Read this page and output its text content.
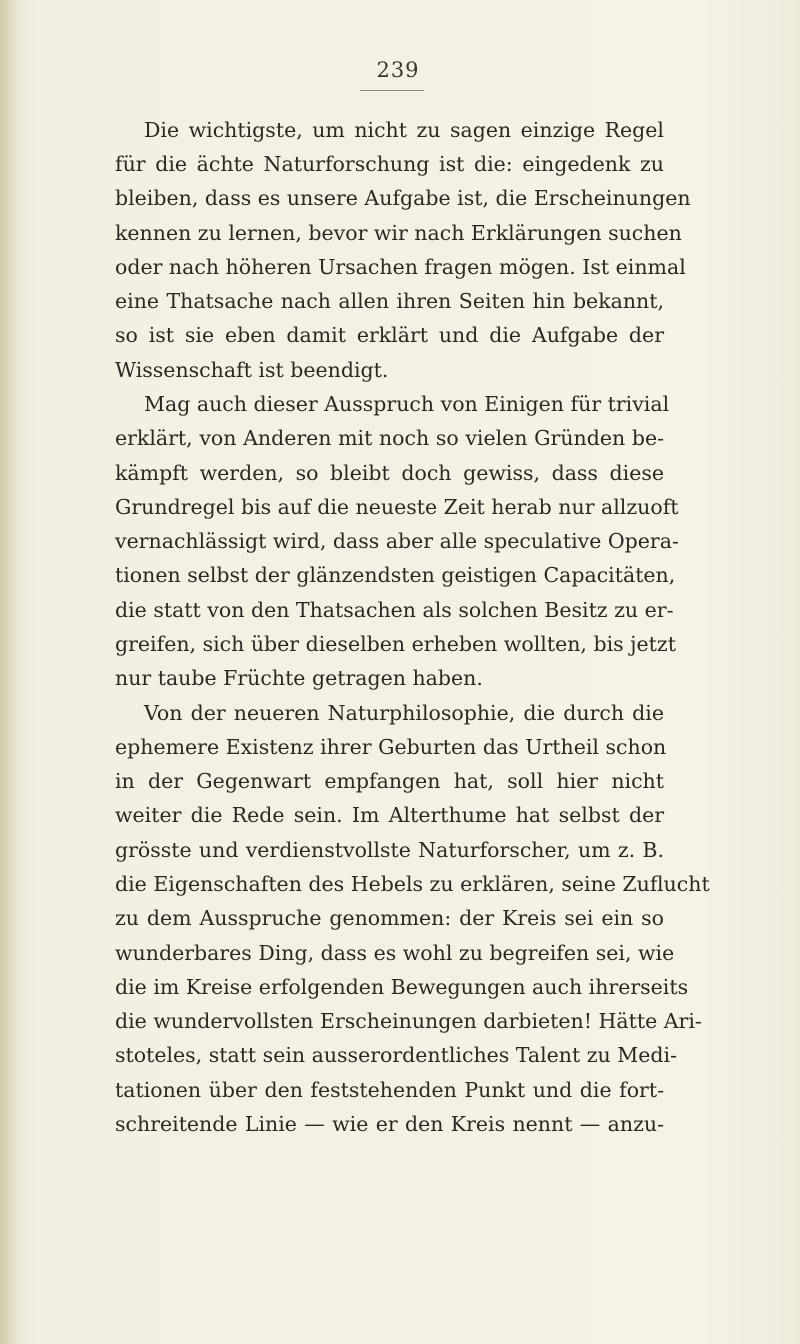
239
Die wichtigste, um nicht zu sagen einzige Regel
für die ächte Naturforschung ist die: eingedenk zu
bleiben, dass es unsere Aufgabe ist, die Erscheinungen
kennen zu lernen, bevor wir nach Erklärungen suchen
oder nach höheren Ursachen fragen mögen. Ist einmal
eine Thatsache nach allen ihren Seiten hin bekannt,
so ist sie eben damit erklärt und die Aufgabe der
Wissenschaft ist beendigt.
Mag auch dieser Ausspruch von Einigen für trivial
erklärt, von Anderen mit noch so vielen Gründen be-
kämpft werden, so bleibt doch gewiss, dass diese
Grundregel bis auf die neueste Zeit herab nur allzuoft
vernachlässigt wird, dass aber alle speculative Opera-
tionen selbst der glänzendsten geistigen Capacitäten,
die statt von den Thatsachen als solchen Besitz zu er-
greifen, sich über dieselben erheben wollten, bis jetzt
nur taube Früchte getragen haben.
Von der neueren Naturphilosophie, die durch die
ephemere Existenz ihrer Geburten das Urtheil schon
in der Gegenwart empfangen hat, soll hier nicht
weiter die Rede sein. Im Alterthume hat selbst der
grösste und verdienstvollste Naturforscher, um z. B.
die Eigenschaften des Hebels zu erklären, seine Zuflucht
zu dem Ausspruche genommen: der Kreis sei ein so
wunderbares Ding, dass es wohl zu begreifen sei, wie
die im Kreise erfolgenden Bewegungen auch ihrerseits
die wundervollsten Erscheinungen darbieten! Hätte Ari-
stoteles, statt sein ausserordentliches Talent zu Medi-
tationen über den feststehenden Punkt und die fort-
schreitende Linie — wie er den Kreis nennt — anzu-
